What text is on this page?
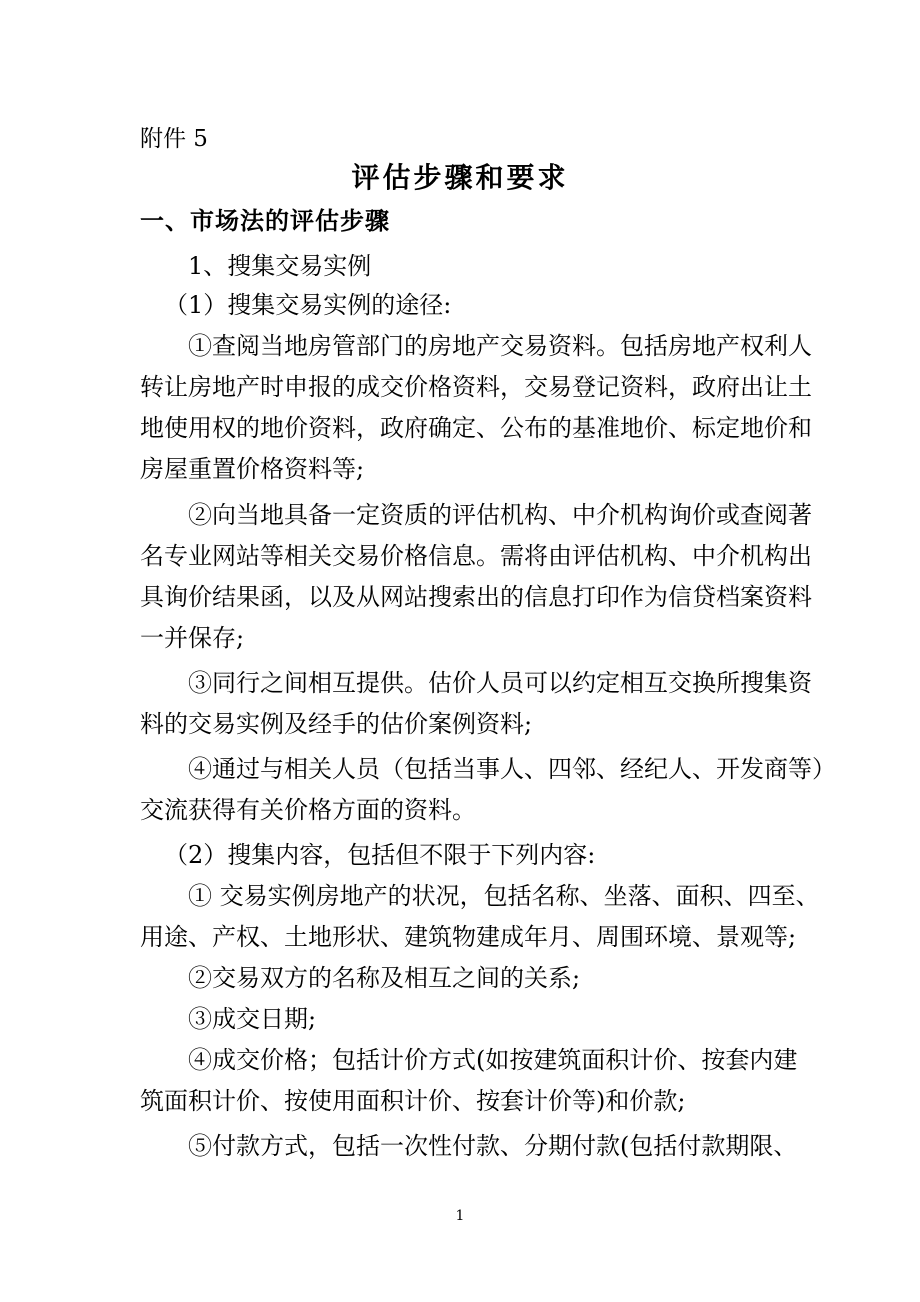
附件 5
评估步骤和要求
一、市场法的评估步骤
1、搜集交易实例
（1）搜集交易实例的途径:
①查阅当地房管部门的房地产交易资料。包括房地产权利人
转让房地产时申报的成交价格资料，交易登记资料，政府出让土
地使用权的地价资料，政府确定、公布的基准地价、标定地价和
房屋重置价格资料等;
②向当地具备一定资质的评估机构、中介机构询价或查阅著
名专业网站等相关交易价格信息。需将由评估机构、中介机构出
具询价结果函，以及从网站搜索出的信息打印作为信贷档案资料
一并保存;
③同行之间相互提供。估价人员可以约定相互交换所搜集资
料的交易实例及经手的估价案例资料;
④通过与相关人员（包括当事人、四邻、经纪人、开发商等）
交流获得有关价格方面的资料。
（2）搜集内容，包括但不限于下列内容:
① 交易实例房地产的状况，包括名称、坐落、面积、四至、
用途、产权、土地形状、建筑物建成年月、周围环境、景观等;
②交易双方的名称及相互之间的关系;
③成交日期;
④成交价格；包括计价方式(如按建筑面积计价、按套内建
筑面积计价、按使用面积计价、按套计价等)和价款;
⑤付款方式，包括一次性付款、分期付款(包括付款期限、
1
